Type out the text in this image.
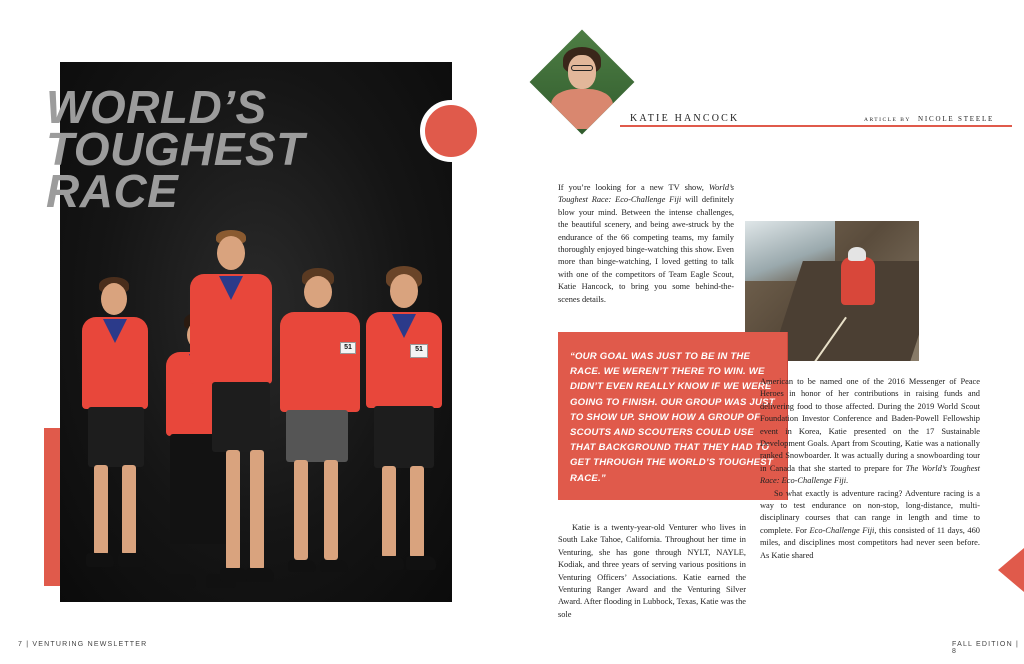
51	51
WORLD’S
TOUGHEST
RACE
7 | VENTURING NEWSLETTER
KATIE HANCOCK	ARTICLE BY NICOLE STEELE

If you’re looking for a new TV show, World’s Toughest Race: Eco-Challenge Fiji will definitely blow your mind. Between the intense challenges, the beautiful scenery, and being awe-struck by the endurance of the 66 competing teams, my family thoroughly enjoyed binge-watching this show. Even more than binge-watching, I loved getting to talk with one of the competitors of Team Eagle Scout, Katie Hancock, to bring you some behind-the-scenes details.

“OUR GOAL WAS JUST TO BE IN THE RACE. WE WEREN’T THERE TO WIN. WE DIDN’T EVEN REALLY KNOW IF WE WERE GOING TO FINISH. OUR GROUP WAS JUST TO SHOW UP. SHOW HOW A GROUP OF SCOUTS AND SCOUTERS COULD USE THAT BACKGROUND THAT THEY HAD TO GET THROUGH THE WORLD’S TOUGHEST RACE.”

American to be named one of the 2016 Messenger of Peace Heroes in honor of her contributions in raising funds and delivering food to those affected. During the 2019 World Scout Foundation Investor Conference and Baden-Powell Fellowship event in Korea, Katie presented on the 17 Sustainable Development Goals. Apart from Scouting, Katie was a nationally ranked Snowboarder. It was actually during a snowboarding tour in Canada that she started to prepare for The World’s Toughest Race: Eco-Challenge Fiji.

So what exactly is adventure racing? Adventure racing is a way to test endurance on non-stop, long-distance, multi-disciplinary courses that can range in length and time to complete. For Eco-Challenge Fiji, this consisted of 11 days, 460 miles, and disciplines most competitors had never seen before. As Katie shared

Katie is a twenty-year-old Venturer who lives in South Lake Tahoe, California. Throughout her time in Venturing, she has gone through NYLT, NAYLE, Kodiak, and three years of serving various positions in Venturing Officers’ Associations. Katie earned the Venturing Ranger Award and the Venturing Silver Award. After flooding in Lubbock, Texas, Katie was the sole

FALL EDITION | 8
